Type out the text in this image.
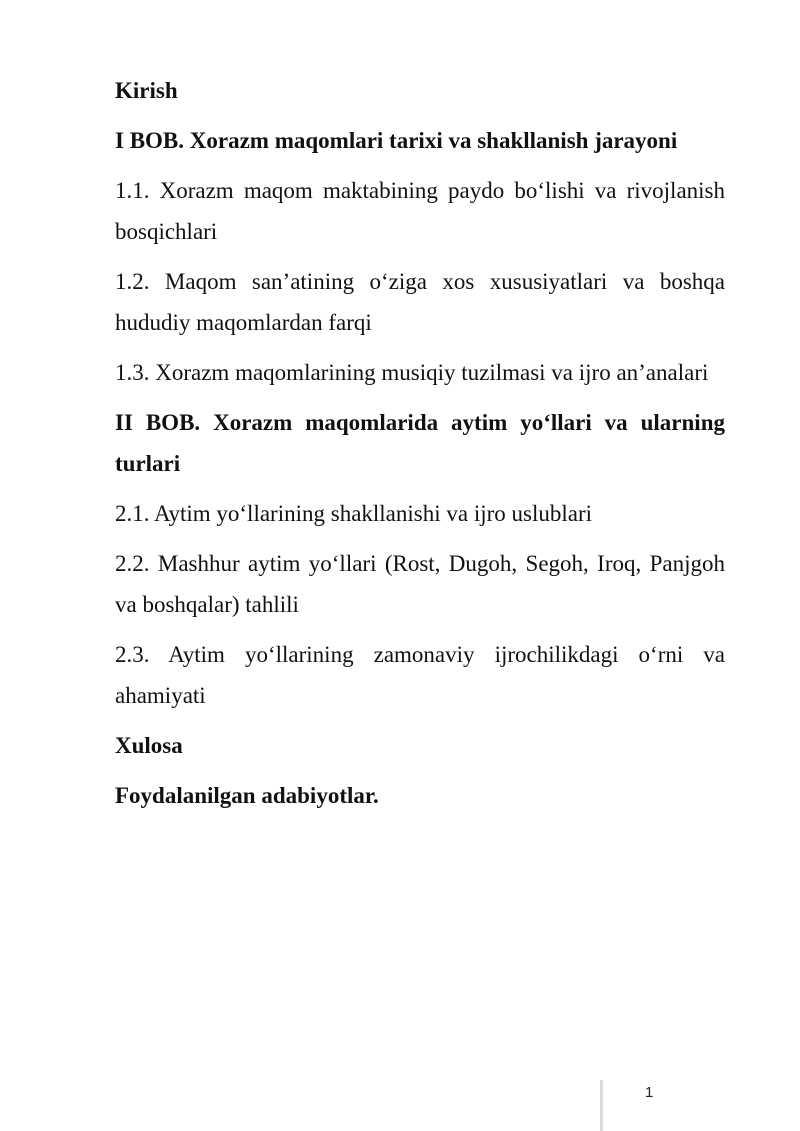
Kirish

I BOB. Xorazm maqomlari tarixi va shakllanish jarayoni

1.1. Xorazm maqom maktabining paydo bo‘lishi va rivojlanish bosqichlari

1.2. Maqom san’atining o‘ziga xos xususiyatlari va boshqa hududiy maqomlardan farqi

1.3. Xorazm maqomlarining musiqiy tuzilmasi va ijro an’analari

II BOB. Xorazm maqomlarida aytim yo‘llari va ularning turlari

2.1. Aytim yo‘llarining shakllanishi va ijro uslublari

2.2. Mashhur aytim yo‘llari (Rost, Dugoh, Segoh, Iroq, Panjgoh va boshqalar) tahlili

2.3. Aytim yo‘llarining zamonaviy ijrochilikdagi o‘rni va ahamiyati

Xulosa

Foydalanilgan adabiyotlar.

1
